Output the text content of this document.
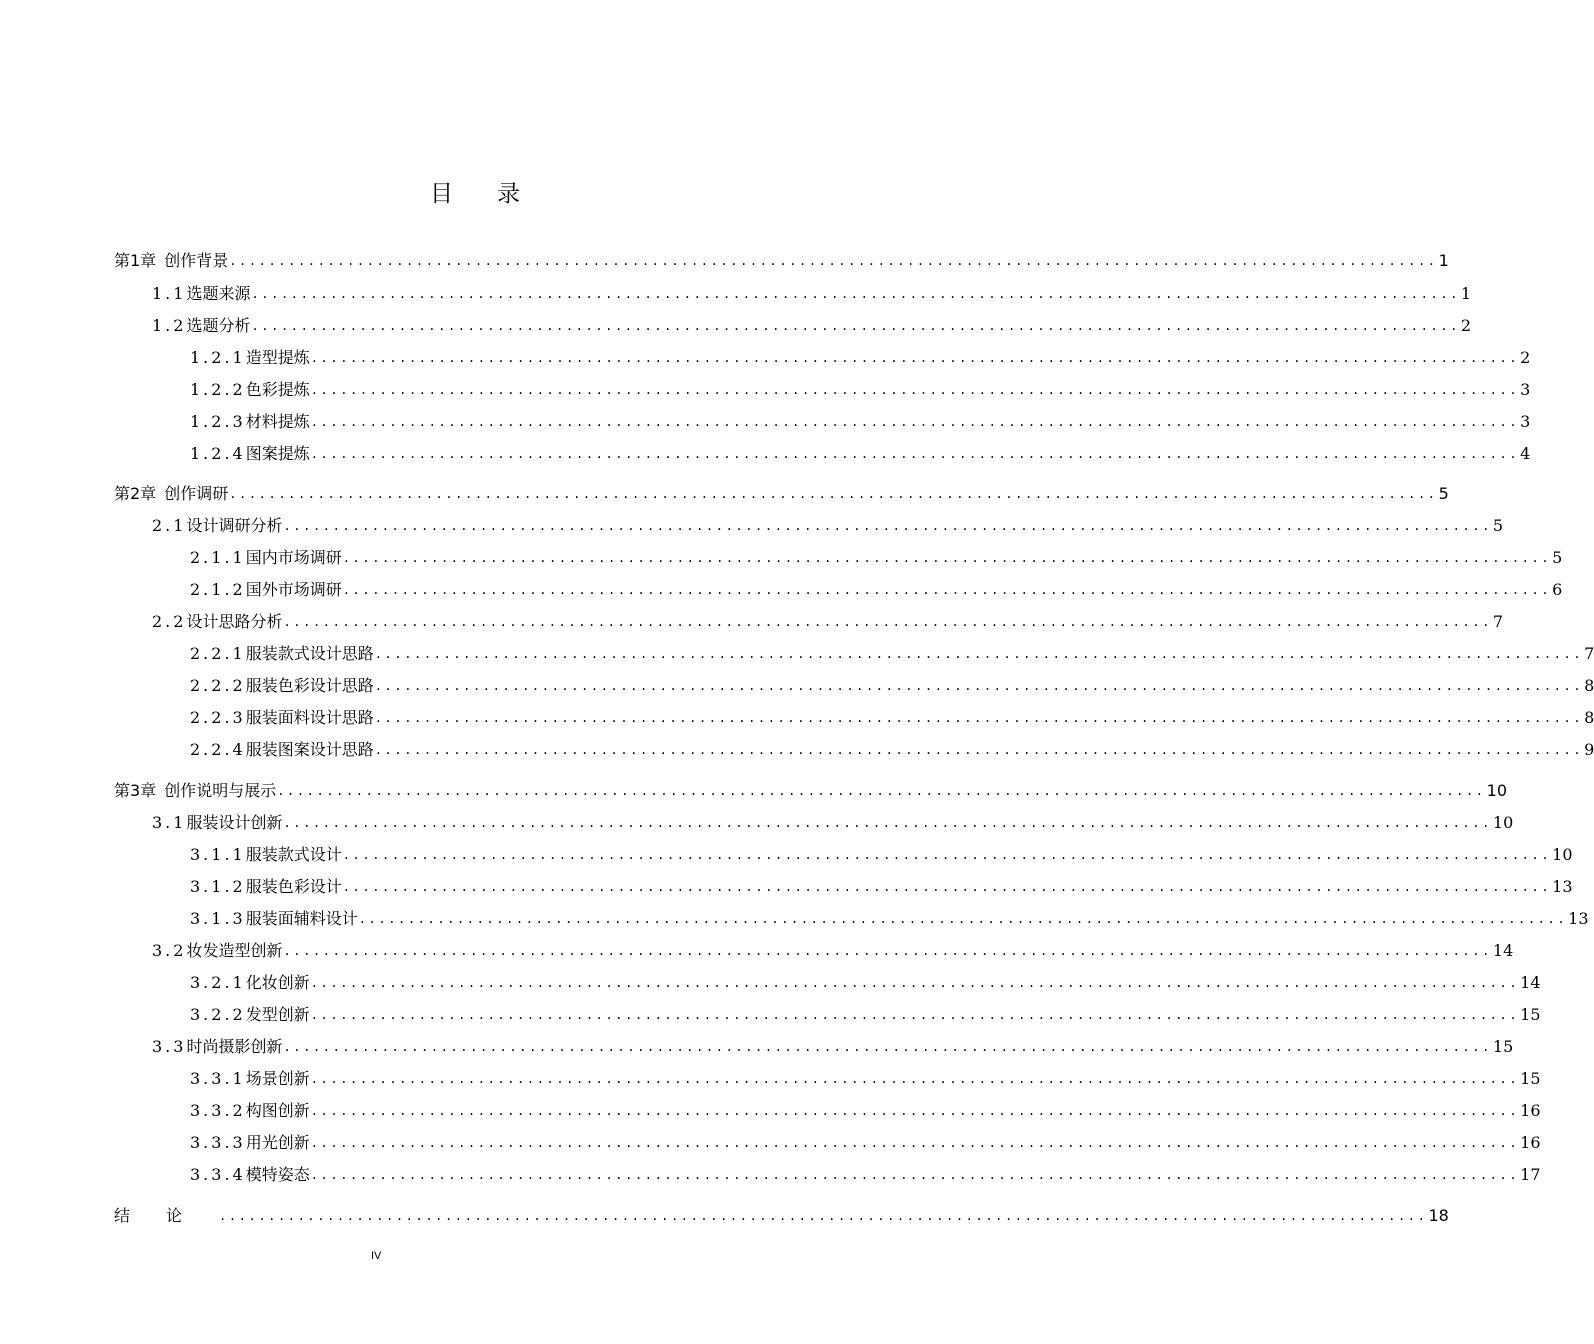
目录
第1章 创作背景 ........................................................................................................................... 1
1.1 选题来源 ........................................................................................................................... 1
1.2 选题分析 ........................................................................................................................... 2
1.2.1 造型提炼 ........................................................................................................................... 2
1.2.2 色彩提炼 ........................................................................................................................... 3
1.2.3 材料提炼 ........................................................................................................................... 3
1.2.4 图案提炼 ........................................................................................................................... 4
第2章 创作调研 ........................................................................................................................... 5
2.1 设计调研分析 ........................................................................................................................... 5
2.1.1 国内市场调研 ........................................................................................................................... 5
2.1.2 国外市场调研 ........................................................................................................................... 6
2.2 设计思路分析 ........................................................................................................................... 7
2.2.1 服装款式设计思路 ........................................................................................................................... 7
2.2.2 服装色彩设计思路 ........................................................................................................................... 8
2.2.3 服装面料设计思路 ........................................................................................................................... 8
2.2.4 服装图案设计思路 ........................................................................................................................... 9
第3章 创作说明与展示 ........................................................................................................................... 10
3.1 服装设计创新 ........................................................................................................................... 10
3.1.1 服装款式设计 ........................................................................................................................... 10
3.1.2 服装色彩设计 ........................................................................................................................... 13
3.1.3 服装面辅料设计 ........................................................................................................................... 13
3.2 妆发造型创新 ........................................................................................................................... 14
3.2.1 化妆创新 ........................................................................................................................... 14
3.2.2 发型创新 ........................................................................................................................... 15
3.3 时尚摄影创新 ........................................................................................................................... 15
3.3.1 场景创新 ........................................................................................................................... 15
3.3.2 构图创新 ........................................................................................................................... 16
3.3.3 用光创新 ........................................................................................................................... 16
3.3.4 模特姿态 ........................................................................................................................... 17
结论 ........................................................................................................................... 18
IV
